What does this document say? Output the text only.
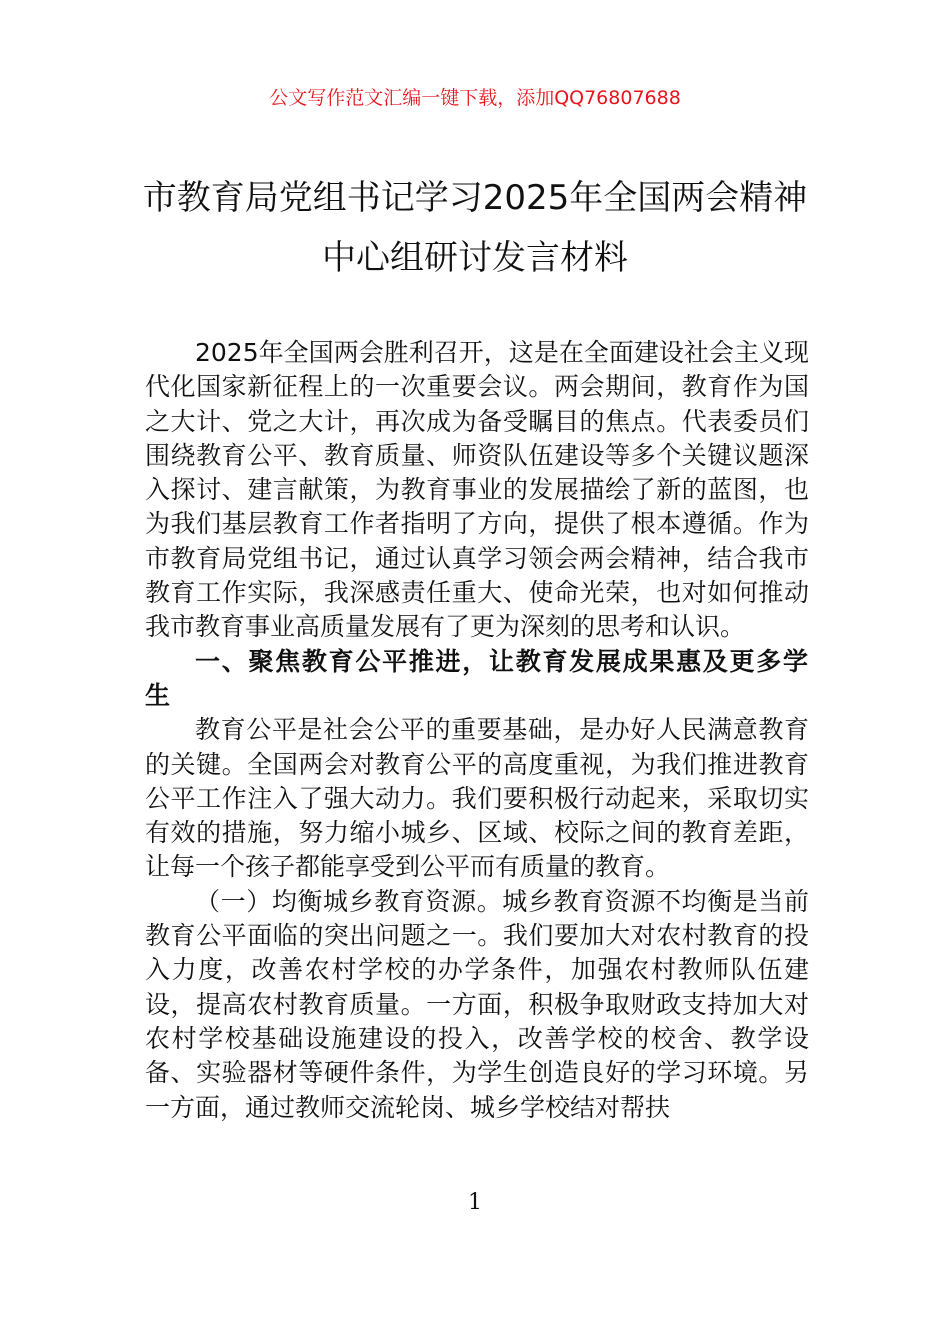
公文写作范文汇编一键下载，添加QQ76807688
市教育局党组书记学习2025年全国两会精神中心组研讨发言材料

2025年全国两会胜利召开，这是在全面建设社会主义现代化国家新征程上的一次重要会议。两会期间，教育作为国之大计、党之大计，再次成为备受瞩目的焦点。代表委员们围绕教育公平、教育质量、师资队伍建设等多个关键议题深入探讨、建言献策，为教育事业的发展描绘了新的蓝图，也为我们基层教育工作者指明了方向，提供了根本遵循。作为市教育局党组书记，通过认真学习领会两会精神，结合我市教育工作实际，我深感责任重大、使命光荣，也对如何推动我市教育事业高质量发展有了更为深刻的思考和认识。

一、聚焦教育公平推进，让教育发展成果惠及更多学生

教育公平是社会公平的重要基础，是办好人民满意教育的关键。全国两会对教育公平的高度重视，为我们推进教育公平工作注入了强大动力。我们要积极行动起来，采取切实有效的措施，努力缩小城乡、区域、校际之间的教育差距，让每一个孩子都能享受到公平而有质量的教育。

（一）均衡城乡教育资源。城乡教育资源不均衡是当前教育公平面临的突出问题之一。我们要加大对农村教育的投入力度，改善农村学校的办学条件，加强农村教师队伍建设，提高农村教育质量。一方面，积极争取财政支持加大对农村学校基础设施建设的投入，改善学校的校舍、教学设备、实验器材等硬件条件，为学生创造良好的学习环境。另一方面，通过教师交流轮岗、城乡学校结对帮扶

1
